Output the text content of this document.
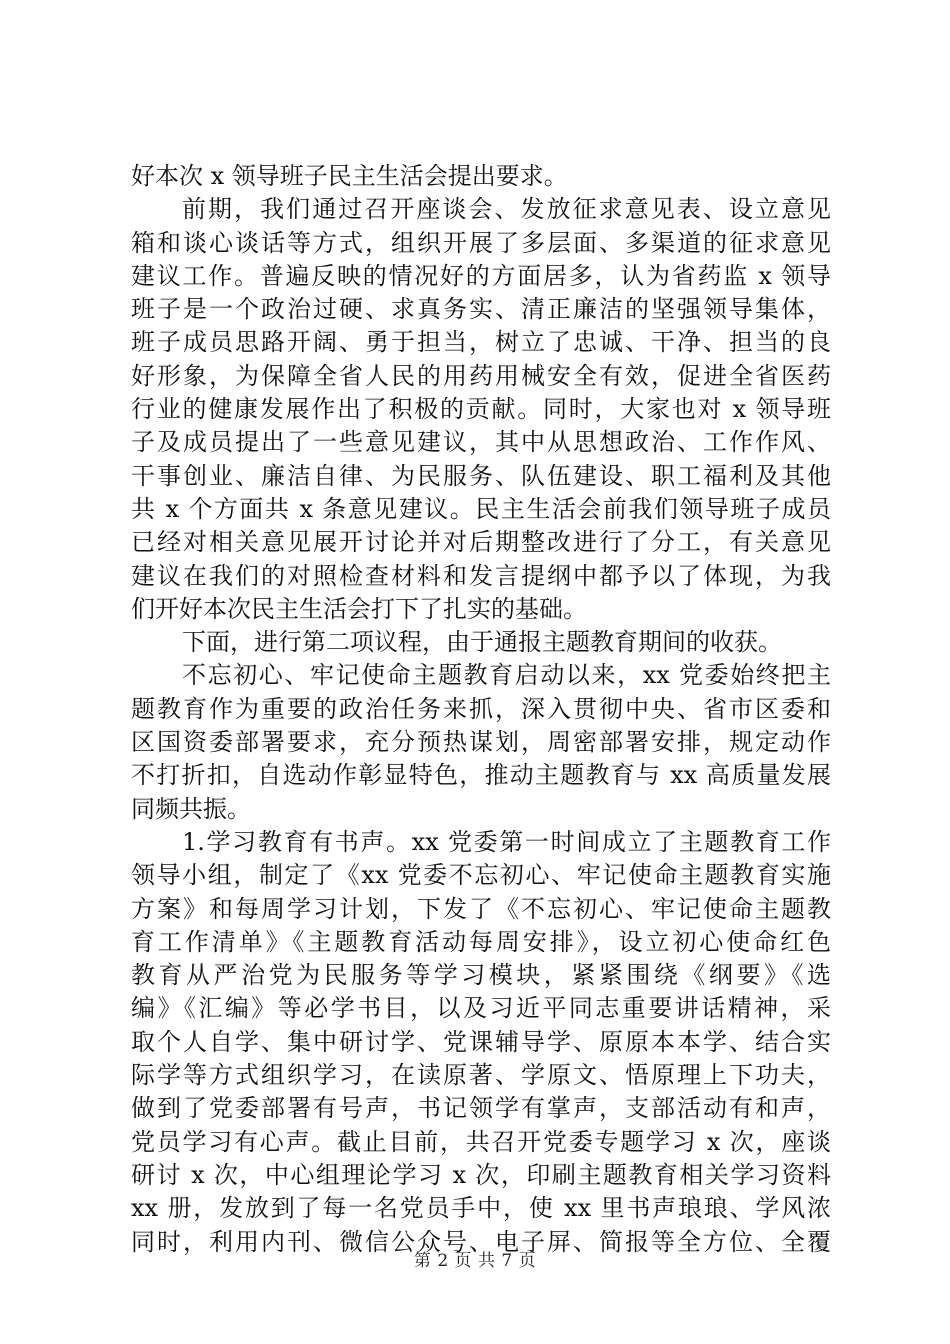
好本次 x 领导班子民主生活会提出要求。
前期，我们通过召开座谈会、发放征求意见表、设立意见
箱和谈心谈话等方式，组织开展了多层面、多渠道的征求意见
建议工作。普遍反映的情况好的方面居多，认为省药监 x 领导
班子是一个政治过硬、求真务实、清正廉洁的坚强领导集体，
班子成员思路开阔、勇于担当，树立了忠诚、干净、担当的良
好形象，为保障全省人民的用药用械安全有效，促进全省医药
行业的健康发展作出了积极的贡献。同时，大家也对 x 领导班
子及成员提出了一些意见建议，其中从思想政治、工作作风、
干事创业、廉洁自律、为民服务、队伍建设、职工福利及其他
共 x 个方面共 x 条意见建议。民主生活会前我们领导班子成员
已经对相关意见展开讨论并对后期整改进行了分工，有关意见
建议在我们的对照检查材料和发言提纲中都予以了体现，为我
们开好本次民主生活会打下了扎实的基础。
下面，进行第二项议程，由于通报主题教育期间的收获。
不忘初心、牢记使命主题教育启动以来，xx 党委始终把主
题教育作为重要的政治任务来抓，深入贯彻中央、省市区委和
区国资委部署要求，充分预热谋划，周密部署安排，规定动作
不打折扣，自选动作彰显特色，推动主题教育与 xx 高质量发展
同频共振。
1.学习教育有书声。xx 党委第一时间成立了主题教育工作
领导小组，制定了《xx 党委不忘初心、牢记使命主题教育实施
方案》和每周学习计划，下发了《不忘初心、牢记使命主题教
育工作清单》《主题教育活动每周安排》，设立初心使命红色
教育从严治党为民服务等学习模块，紧紧围绕《纲要》《选
编》《汇编》等必学书目，以及习近平同志重要讲话精神，采
取个人自学、集中研讨学、党课辅导学、原原本本学、结合实
际学等方式组织学习，在读原著、学原文、悟原理上下功夫，
做到了党委部署有号声，书记领学有掌声，支部活动有和声，
党员学习有心声。截止目前，共召开党委专题学习 x 次，座谈
研讨 x 次，中心组理论学习 x 次，印刷主题教育相关学习资料
xx 册，发放到了每一名党员手中，使 xx 里书声琅琅、学风浓
同时，利用内刊、微信公众号、电子屏、简报等全方位、全覆
第 2 页 共 7 页
